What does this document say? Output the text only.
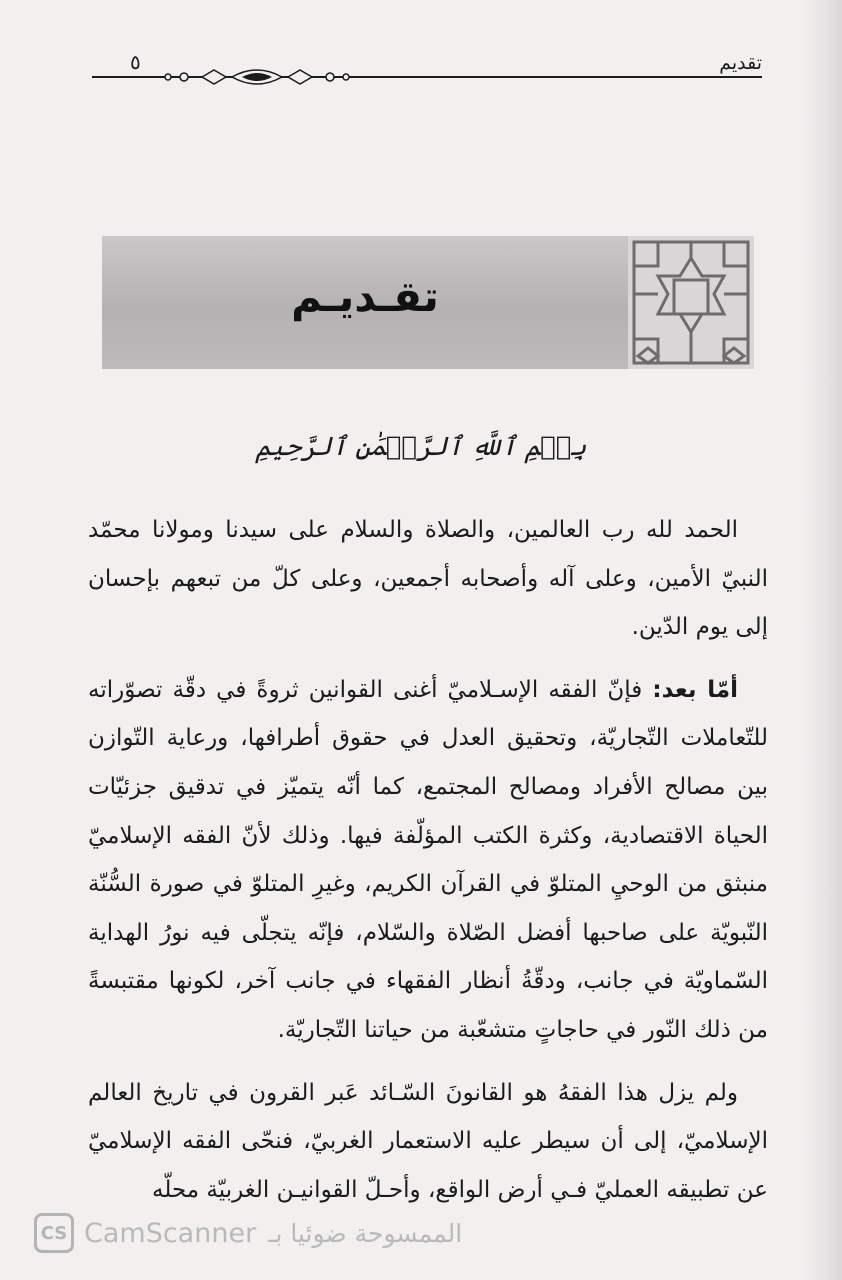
تقديم
٥
تقـديـم
بِسۡمِ ٱللَّهِ ٱلرَّحۡمَٰنِ ٱلرَّحِيمِ

الحمد لله رب العالمين، والصلاة والسلام على سيدنا ومولانا محمّد النبيّ الأمين، وعلى آله وأصحابه أجمعين، وعلى كلّ من تبعهم بإحسان إلى يوم الدّين.

أمّا بعد: فإنّ الفقه الإسـلاميّ أغنى القوانين ثروةً في دقّة تصوّراته للتّعاملات التّجاريّة، وتحقيق العدل في حقوق أطرافها، ورعاية التّوازن بين مصالح الأفراد ومصالح المجتمع، كما أنّه يتميّز في تدقيق جزئيّات الحياة الاقتصادية، وكثرة الكتب المؤلّفة فيها. وذلك لأنّ الفقه الإسلاميّ منبثق من الوحيِ المتلوّ في القرآن الكريم، وغيرِ المتلوّ في صورة السُّنّة النّبويّة على صاحبها أفضل الصّلاة والسّلام، فإنّه يتجلّى فيه نورُ الهداية السّماويّة في جانب، ودقّةُ أنظار الفقهاء في جانب آخر، لكونها مقتبسةً من ذلك النّور في حاجاتٍ متشعّبة من حياتنا التّجاريّة.

ولم يزل هذا الفقهُ هو القانونَ السّـائد عَبر القرون في تاريخ العالم الإسلاميّ، إلى أن سيطر عليه الاستعمار الغربيّ، فنحّى الفقه الإسلاميّ عن تطبيقه العمليّ فـي أرض الواقع، وأحـلّ القوانيـن الغربيّة محلّه

CS CamScanner الممسوحة ضوئيا بـ
